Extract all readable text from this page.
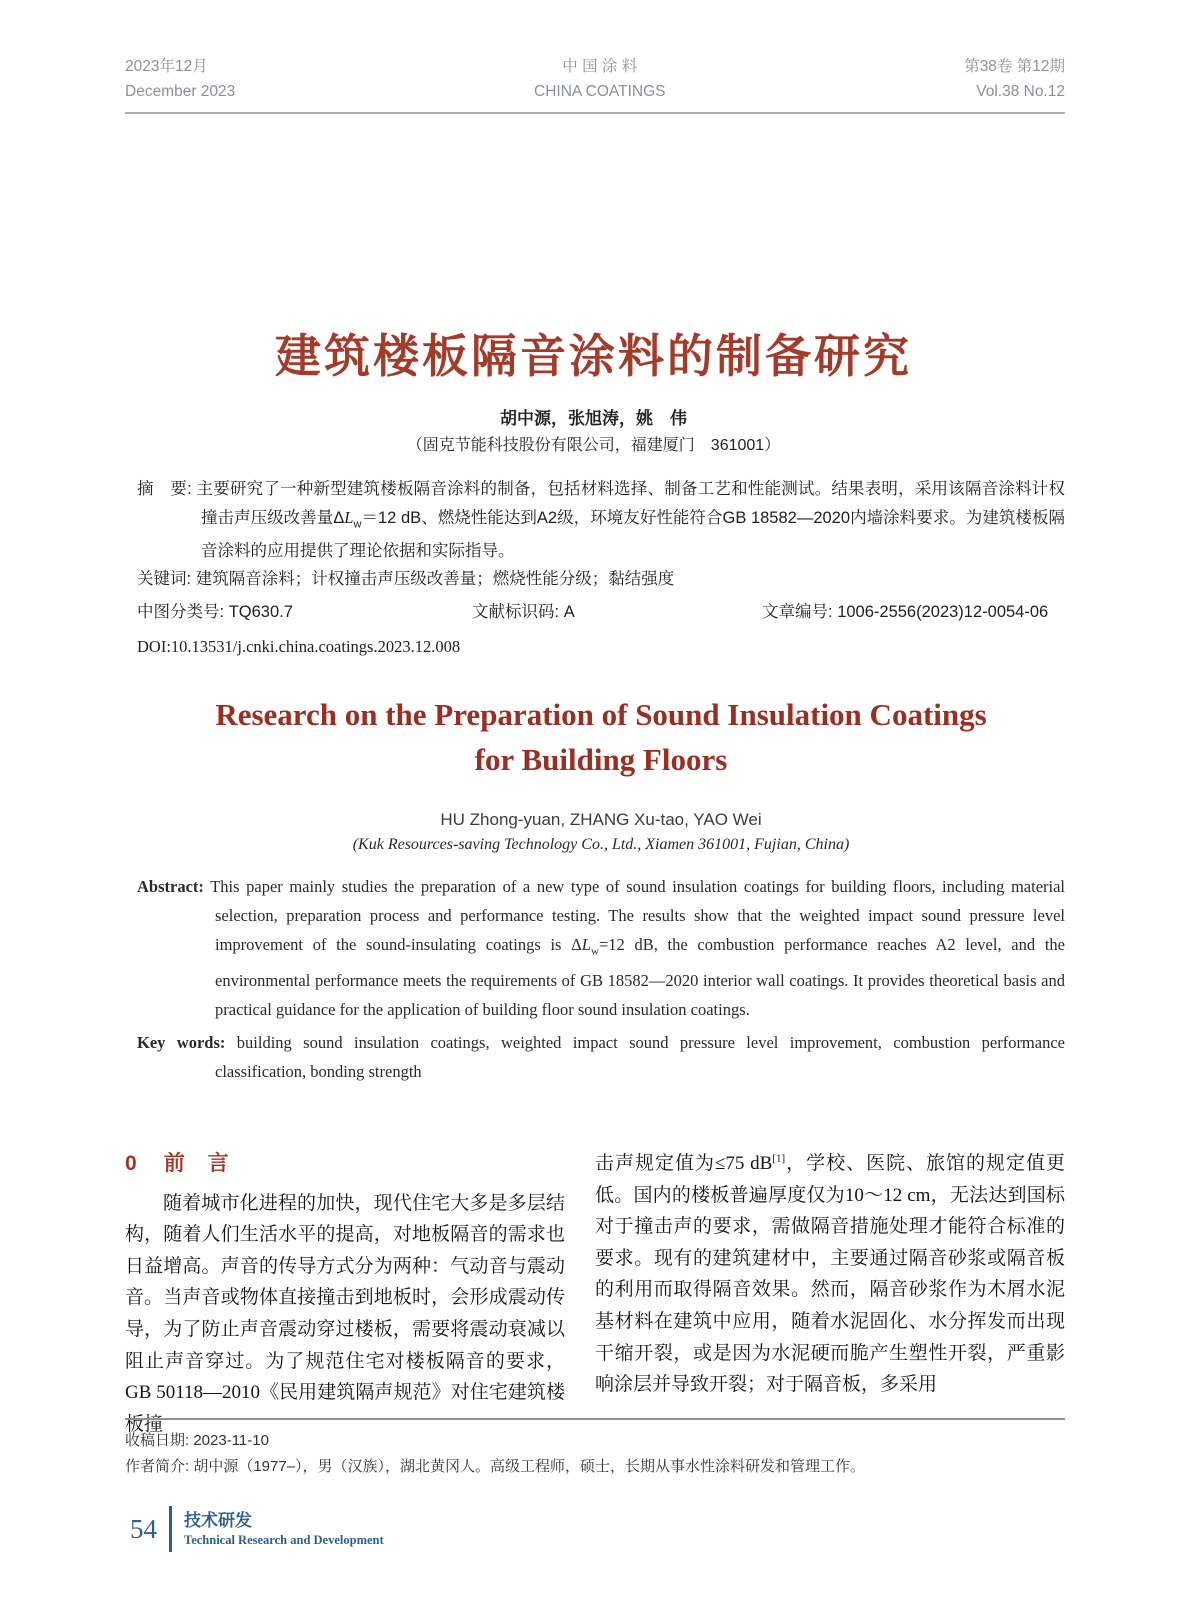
2023年12月
December 2023
中 国 涂 料
CHINA COATINGS
第38卷 第12期
Vol.38 No.12
建筑楼板隔音涂料的制备研究
胡中源，张旭涛，姚　伟
（固克节能科技股份有限公司，福建厦门　361001）

摘　要: 主要研究了一种新型建筑楼板隔音涂料的制备，包括材料选择、制备工艺和性能测试。结果表明，采用该隔音涂料计权撞击声压级改善量$\Delta L_w=12$ dB、燃烧性能达到A2级，环境友好性能符合GB 18582—2020内墙涂料要求。为建筑楼板隔音涂料的应用提供了理论依据和实际指导。

关键词: 建筑隔音涂料；计权撞击声压级改善量；燃烧性能分级；黏结强度

中图分类号: TQ630.7	文献标识码: A	文章编号: 1006-2556(2023)12-0054-06
DOI:10.13531/j.cnki.china.coatings.2023.12.008
Research on the Preparation of Sound Insulation Coatings
for Building Floors
HU Zhong-yuan, ZHANG Xu-tao, YAO Wei
(Kuk Resources-saving Technology Co., Ltd., Xiamen 361001, Fujian, China)

Abstract: This paper mainly studies the preparation of a new type of sound insulation coatings for building floors, including material selection, preparation process and performance testing. The results show that the weighted impact sound pressure level improvement of the sound-insulating coatings is $\Delta L_w=12$ dB, the combustion performance reaches A2 level, and the environmental performance meets the requirements of GB 18582—2020 interior wall coatings. It provides theoretical basis and practical guidance for the application of building floor sound insulation coatings.

Key words: building sound insulation coatings, weighted impact sound pressure level improvement, combustion performance classification, bonding strength

0 前　言

随着城市化进程的加快，现代住宅大多是多层结构，随着人们生活水平的提高，对地板隔音的需求也日益增高。声音的传导方式分为两种：气动音与震动音。当声音或物体直接撞击到地板时，会形成震动传导，为了防止声音震动穿过楼板，需要将震动衰减以阻止声音穿过。为了规范住宅对楼板隔音的要求，GB 50118—2010《民用建筑隔声规范》对住宅建筑楼板撞

击声规定值为≤75 dB[1]，学校、医院、旅馆的规定值更低。国内的楼板普遍厚度仅为10～12 cm，无法达到国标对于撞击声的要求，需做隔音措施处理才能符合标准的要求。现有的建筑建材中，主要通过隔音砂浆或隔音板的利用而取得隔音效果。然而，隔音砂浆作为木屑水泥基材料在建筑中应用，随着水泥固化、水分挥发而出现干缩开裂，或是因为水泥硬而脆产生塑性开裂，严重影响涂层并导致开裂；对于隔音板，多采用

收稿日期: 2023-11-10
作者简介: 胡中源（1977–），男（汉族），湖北黄冈人。高级工程师，硕士，长期从事水性涂料研发和管理工作。
54	技术研发
Technical Research and Development
